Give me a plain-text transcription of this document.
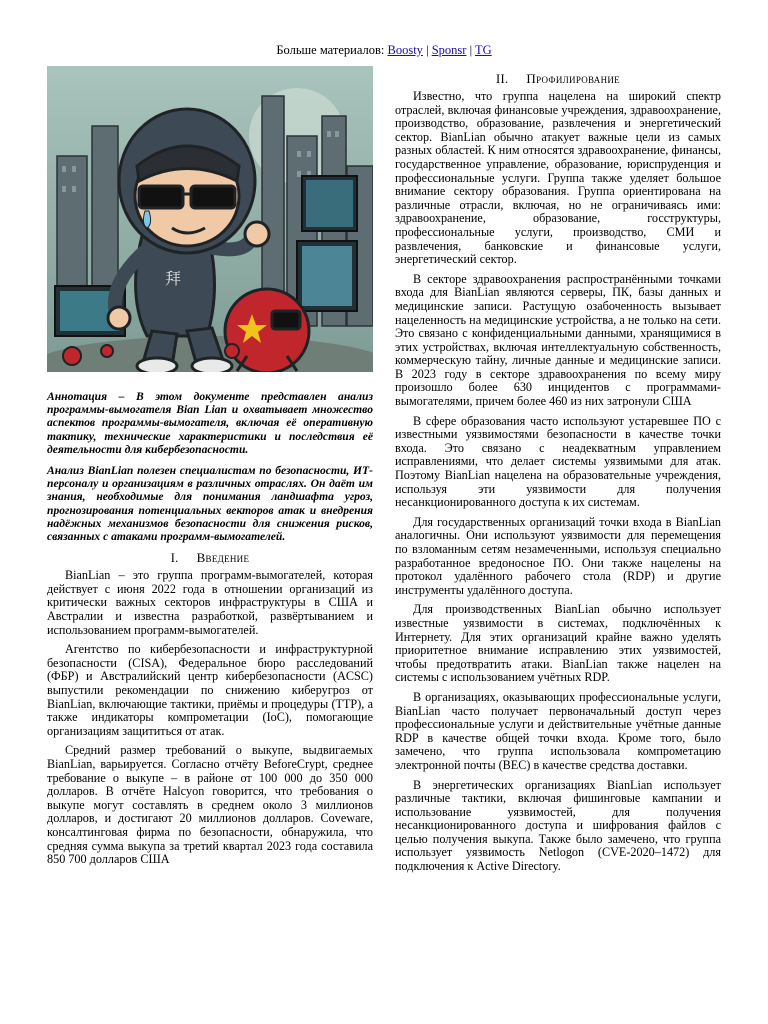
Больше материалов: Boosty | Sponsr | TG
拜

Аннотация – В этом документе представлен анализ программы-вымогателя Bian Lian и охватывает множество аспектов программы-вымогателя, включая её оперативную тактику, технические характеристики и последствия её деятельности для кибербезопасности.

Анализ BianLian полезен специалистам по безопасности, ИТ-персоналу и организациям в различных отраслях. Он даёт им знания, необходимые для понимания ландшафта угроз, прогнозирования потенциальных векторов атак и внедрения надёжных механизмов безопасности для снижения рисков, связанных с атаками программ-вымогателей.

I. Введение

BianLian – это группа программ-вымогателей, которая действует с июня 2022 года в отношении организаций из критически важных секторов инфраструктуры в США и Австралии и известна разработкой, развёртыванием и использованием программ-вымогателей.

Агентство по кибербезопасности и инфраструктурной безопасности (CISA), Федеральное бюро расследований (ФБР) и Австралийский центр кибербезопасности (ACSC) выпустили рекомендации по снижению киберугроз от BianLian, включающие тактики, приёмы и процедуры (TTP), а также индикаторы компрометации (IoC), помогающие организациям защититься от атак.

Средний размер требований о выкупе, выдвигаемых BianLian, варьируется. Согласно отчёту BeforeCrypt, среднее требование о выкупе – в районе от 100 000 до 350 000 долларов. В отчёте Halcyon говорится, что требования о выкупе могут составлять в среднем около 3 миллионов долларов, и достигают 20 миллионов долларов. Coveware, консалтинговая фирма по безопасности, обнаружила, что средняя сумма выкупа за третий квартал 2023 года составила 850 700 долларов США

II. Профилирование

Известно, что группа нацелена на широкий спектр отраслей, включая финансовые учреждения, здравоохранение, производство, образование, развлечения и энергетический сектор. BianLian обычно атакует важные цели из самых разных областей. К ним относятся здравоохранение, финансы, государственное управление, образование, юриспруденция и профессиональные услуги. Группа также уделяет большое внимание сектору образования. Группа ориентирована на различные отрасли, включая, но не ограничиваясь ими: здравоохранение, образование, госструктуры, профессиональные услуги, производство, СМИ и развлечения, банковские и финансовые услуги, энергетический сектор.

В секторе здравоохранения распространёнными точками входа для BianLian являются серверы, ПК, базы данных и медицинские записи. Растущую озабоченность вызывает нацеленность на медицинские устройства, а не только на сети. Это связано с конфиденциальными данными, хранящимися в этих устройствах, включая интеллектуальную собственность, коммерческую тайну, личные данные и медицинские записи. В 2023 году в секторе здравоохранения по всему миру произошло более 630 инцидентов с программами-вымогателями, причем более 460 из них затронули США

В сфере образования часто используют устаревшее ПО с известными уязвимостями безопасности в качестве точки входа. Это связано с неадекватным управлением исправлениями, что делает системы уязвимыми для атак. Поэтому BianLian нацелена на образовательные учреждения, используя эти уязвимости для получения несанкционированного доступа к их системам.

Для государственных организаций точки входа в BianLian аналогичны. Они используют уязвимости для перемещения по взломанным сетям незамеченными, используя специально разработанное вредоносное ПО. Они также нацелены на протокол удалённого рабочего стола (RDP) и другие инструменты удалённого доступа.

Для производственных BianLian обычно использует известные уязвимости в системах, подключённых к Интернету. Для этих организаций крайне важно уделять приоритетное внимание исправлению этих уязвимостей, чтобы предотвратить атаки. BianLian также нацелен на системы с использованием учётных RDP.

В организациях, оказывающих профессиональные услуги, BianLian часто получает первоначальный доступ через профессиональные услуги и действительные учётные данные RDP в качестве общей точки входа. Кроме того, было замечено, что группа использовала компрометацию электронной почты (BEC) в качестве средства доставки.

В энергетических организациях BianLian использует различные тактики, включая фишинговые кампании и использование уязвимостей, для получения несанкционированного доступа и шифрования файлов с целью получения выкупа. Также было замечено, что группа использует уязвимость Netlogon (CVE-2020–1472) для подключения к Active Directory.
